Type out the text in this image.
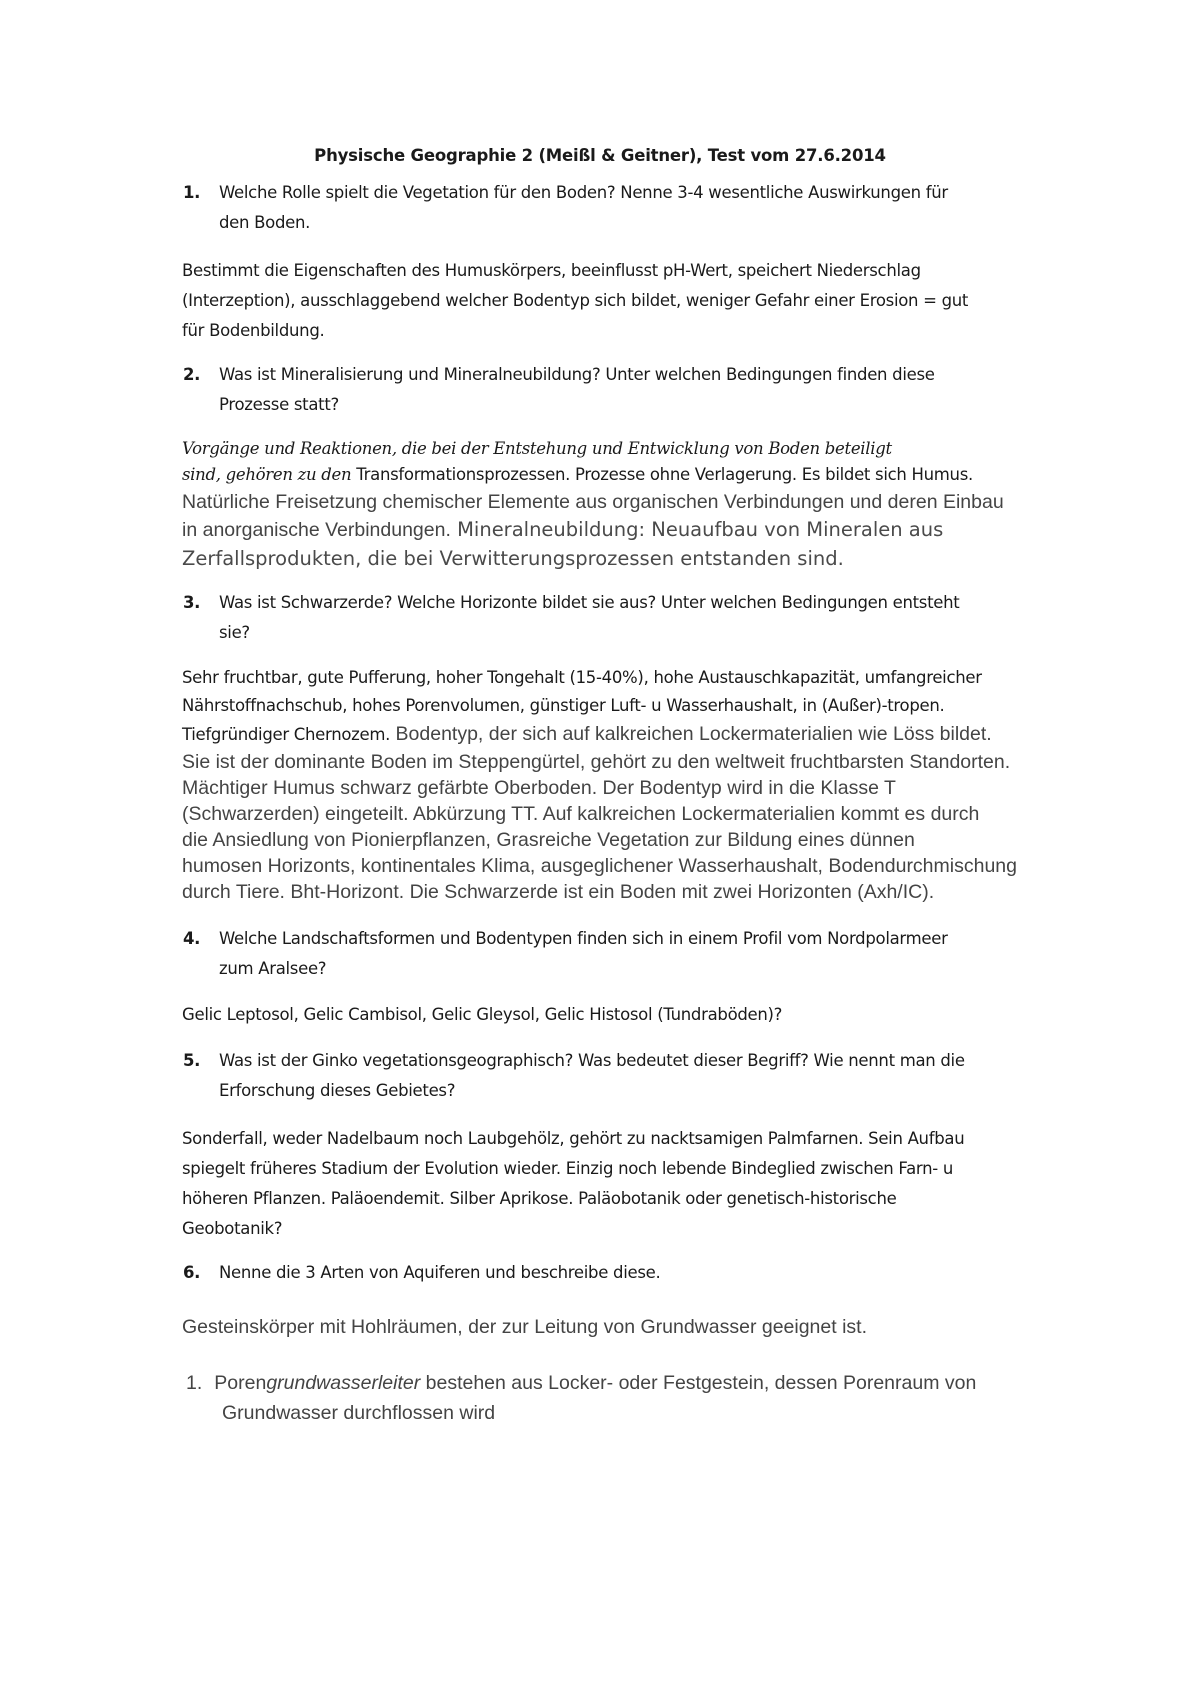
Physische Geographie 2 (Meißl & Geitner), Test vom 27.6.2014
1.	Welche Rolle spielt die Vegetation für den Boden? Nenne 3-4 wesentliche Auswirkungen für
den Boden.
Bestimmt die Eigenschaften des Humuskörpers, beeinflusst pH-Wert, speichert Niederschlag
(Interzeption), ausschlaggebend welcher Bodentyp sich bildet, weniger Gefahr einer Erosion = gut
für Bodenbildung.
2.	Was ist Mineralisierung und Mineralneubildung? Unter welchen Bedingungen finden diese
Prozesse statt?
Vorgänge und Reaktionen, die bei der Entstehung und Entwicklung von Boden beteiligt
sind, gehören zu den Transformationsprozessen. Prozesse ohne Verlagerung. Es bildet sich Humus.
Natürliche Freisetzung chemischer Elemente aus organischen Verbindungen und deren Einbau
in anorganische Verbindungen. Mineralneubildung: Neuaufbau von Mineralen aus
Zerfallsprodukten, die bei Verwitterungsprozessen entstanden sind.
3.	Was ist Schwarzerde? Welche Horizonte bildet sie aus? Unter welchen Bedingungen entsteht
sie?
Sehr fruchtbar, gute Pufferung, hoher Tongehalt (15-40%), hohe Austauschkapazität, umfangreicher
Nährstoffnachschub, hohes Porenvolumen, günstiger Luft- u Wasserhaushalt, in (Außer)-tropen.
Tiefgründiger Chernozem. Bodentyp, der sich auf kalkreichen Lockermaterialien wie Löss bildet.
Sie ist der dominante Boden im Steppengürtel, gehört zu den weltweit fruchtbarsten Standorten.
Mächtiger Humus schwarz gefärbte Oberboden. Der Bodentyp wird in die Klasse T
(Schwarzerden) eingeteilt. Abkürzung TT. Auf kalkreichen Lockermaterialien kommt es durch
die Ansiedlung von Pionierpflanzen, Grasreiche Vegetation zur Bildung eines dünnen
humosen Horizonts, kontinentales Klima, ausgeglichener Wasserhaushalt, Bodendurchmischung
durch Tiere. Bht-Horizont. Die Schwarzerde ist ein Boden mit zwei Horizonten (Axh/IC).
4.	Welche Landschaftsformen und Bodentypen finden sich in einem Profil vom Nordpolarmeer
zum Aralsee?
Gelic Leptosol, Gelic Cambisol, Gelic Gleysol, Gelic Histosol (Tundraböden)?
5.	Was ist der Ginko vegetationsgeographisch? Was bedeutet dieser Begriff? Wie nennt man die
Erforschung dieses Gebietes?
Sonderfall, weder Nadelbaum noch Laubgehölz, gehört zu nacktsamigen Palmfarnen. Sein Aufbau
spiegelt früheres Stadium der Evolution wieder. Einzig noch lebende Bindeglied zwischen Farn- u
höheren Pflanzen. Paläoendemit. Silber Aprikose. Paläobotanik oder genetisch-historische
Geobotanik?
6.	Nenne die 3 Arten von Aquiferen und beschreibe diese.
Gesteinskörper mit Hohlräumen, der zur Leitung von Grundwasser geeignet ist.
1. Porengrundwasserleiter bestehen aus Locker- oder Festgestein, dessen Porenraum von
Grundwasser durchflossen wird
